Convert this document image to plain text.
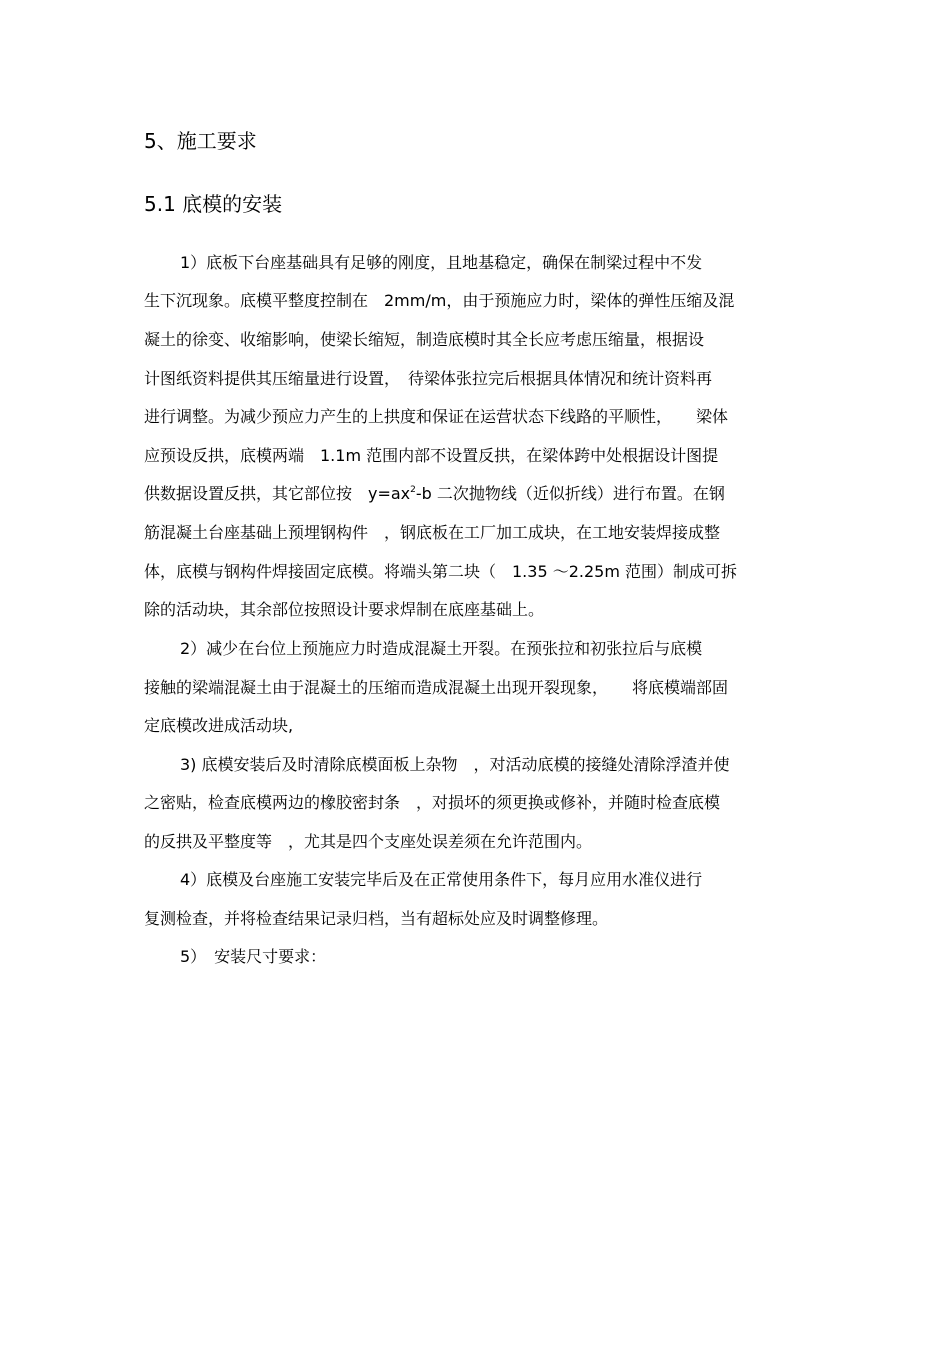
5、施工要求
5.1 底模的安装
1）底板下台座基础具有足够的刚度，且地基稳定，确保在制梁过程中不发
生下沉现象。底模平整度控制在　2mm/m，由于预施应力时，梁体的弹性压缩及混
凝土的徐变、收缩影响，使梁长缩短，制造底模时其全长应考虑压缩量，根据设
计图纸资料提供其压缩量进行设置，　待梁体张拉完后根据具体情况和统计资料再
进行调整。为减少预应力产生的上拱度和保证在运营状态下线路的平顺性，　　梁体
应预设反拱，底模两端　1.1m 范围内部不设置反拱，在梁体跨中处根据设计图提
供数据设置反拱，其它部位按　$y=ax^2-b$ 二次抛物线（近似折线）进行布置。在钢
筋混凝土台座基础上预埋钢构件　，钢底板在工厂加工成块，在工地安装焊接成整
体，底模与钢构件焊接固定底模。将端头第二块（　1.35 ～2.25m 范围）制成可拆
除的活动块，其余部位按照设计要求焊制在底座基础上。
2）减少在台位上预施应力时造成混凝土开裂。在预张拉和初张拉后与底模
接触的梁端混凝土由于混凝土的压缩而造成混凝土出现开裂现象，　　将底模端部固
定底模改进成活动块,
3) 底模安装后及时清除底模面板上杂物　，对活动底模的接缝处清除浮渣并使
之密贴，检查底模两边的橡胶密封条　，对损坏的须更换或修补，并随时检查底模
的反拱及平整度等　，尤其是四个支座处误差须在允许范围内。
4）底模及台座施工安装完毕后及在正常使用条件下，每月应用水准仪进行
复测检查，并将检查结果记录归档，当有超标处应及时调整修理。
5）　安装尺寸要求：
